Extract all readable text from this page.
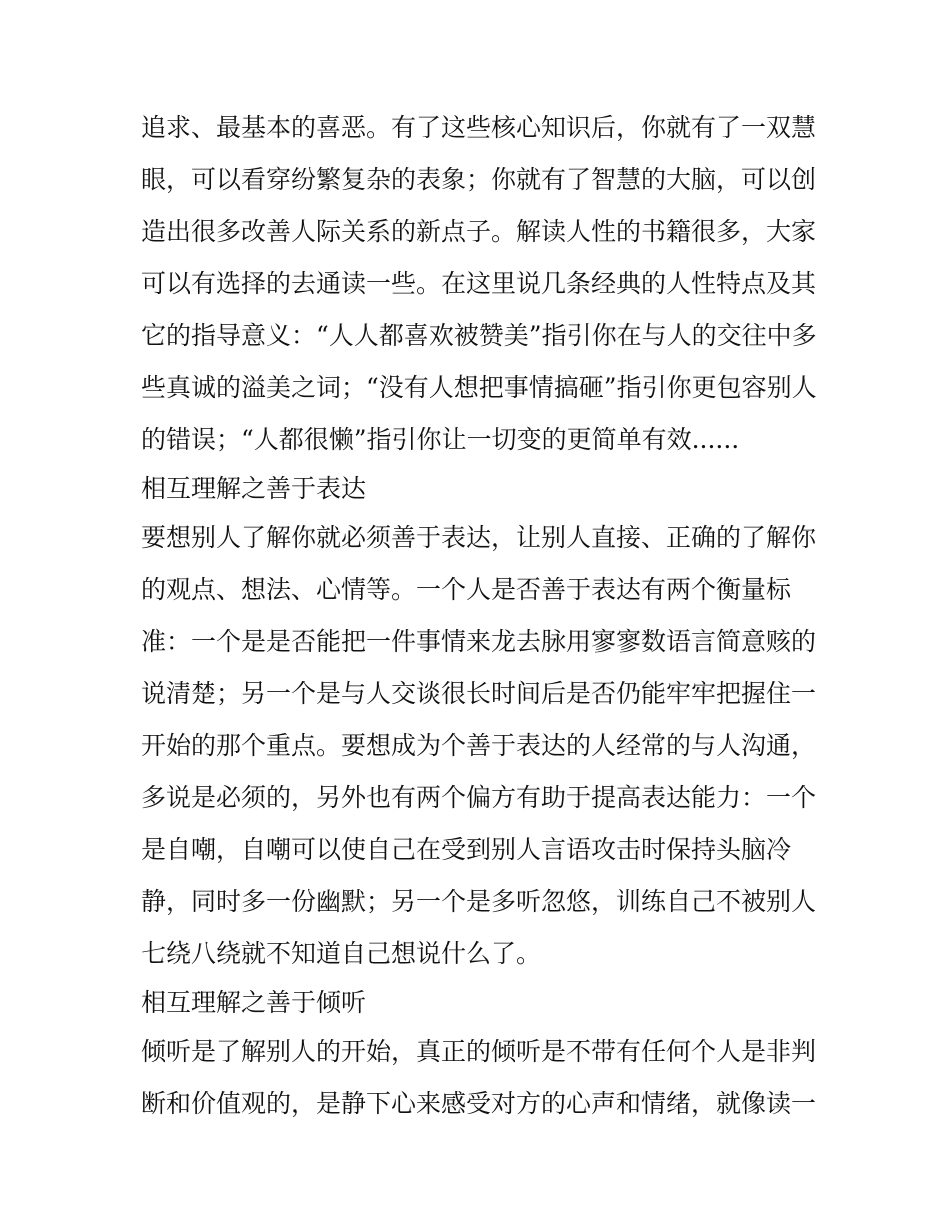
追求、最基本的喜恶。有了这些核心知识后，你就有了一双慧
眼，可以看穿纷繁复杂的表象；你就有了智慧的大脑，可以创
造出很多改善人际关系的新点子。解读人性的书籍很多，大家
可以有选择的去通读一些。在这里说几条经典的人性特点及其
它的指导意义：“人人都喜欢被赞美”指引你在与人的交往中多
些真诚的溢美之词；“没有人想把事情搞砸”指引你更包容别人
的错误；“人都很懒”指引你让一切变的更简单有效......
相互理解之善于表达
要想别人了解你就必须善于表达，让别人直接、正确的了解你
的观点、想法、心情等。一个人是否善于表达有两个衡量标
准：一个是是否能把一件事情来龙去脉用寥寥数语言简意赅的
说清楚；另一个是与人交谈很长时间后是否仍能牢牢把握住一
开始的那个重点。要想成为个善于表达的人经常的与人沟通，
多说是必须的，另外也有两个偏方有助于提高表达能力：一个
是自嘲，自嘲可以使自己在受到别人言语攻击时保持头脑冷
静，同时多一份幽默；另一个是多听忽悠，训练自己不被别人
七绕八绕就不知道自己想说什么了。
相互理解之善于倾听
倾听是了解别人的开始，真正的倾听是不带有任何个人是非判
断和价值观的，是静下心来感受对方的心声和情绪，就像读一
